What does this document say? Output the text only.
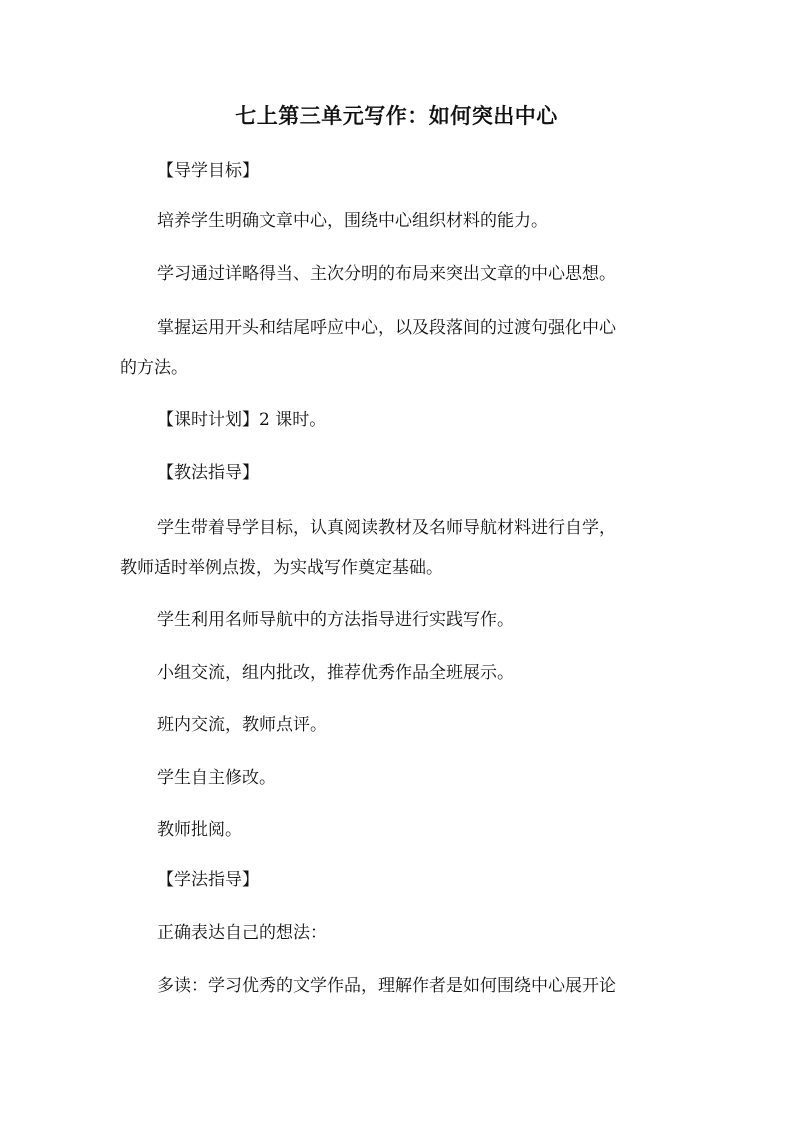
七上第三单元写作：如何突出中心
【导学目标】
培养学生明确文章中心，围绕中心组织材料的能力。
学习通过详略得当、主次分明的布局来突出文章的中心思想。
掌握运用开头和结尾呼应中心，以及段落间的过渡句强化中心
的方法。
【课时计划】2 课时。
【教法指导】
学生带着导学目标，认真阅读教材及名师导航材料进行自学，
教师适时举例点拨，为实战写作奠定基础。
学生利用名师导航中的方法指导进行实践写作。
小组交流，组内批改，推荐优秀作品全班展示。
班内交流，教师点评。
学生自主修改。
教师批阅。
【学法指导】
正确表达自己的想法：
多读：学习优秀的文学作品，理解作者是如何围绕中心展开论
